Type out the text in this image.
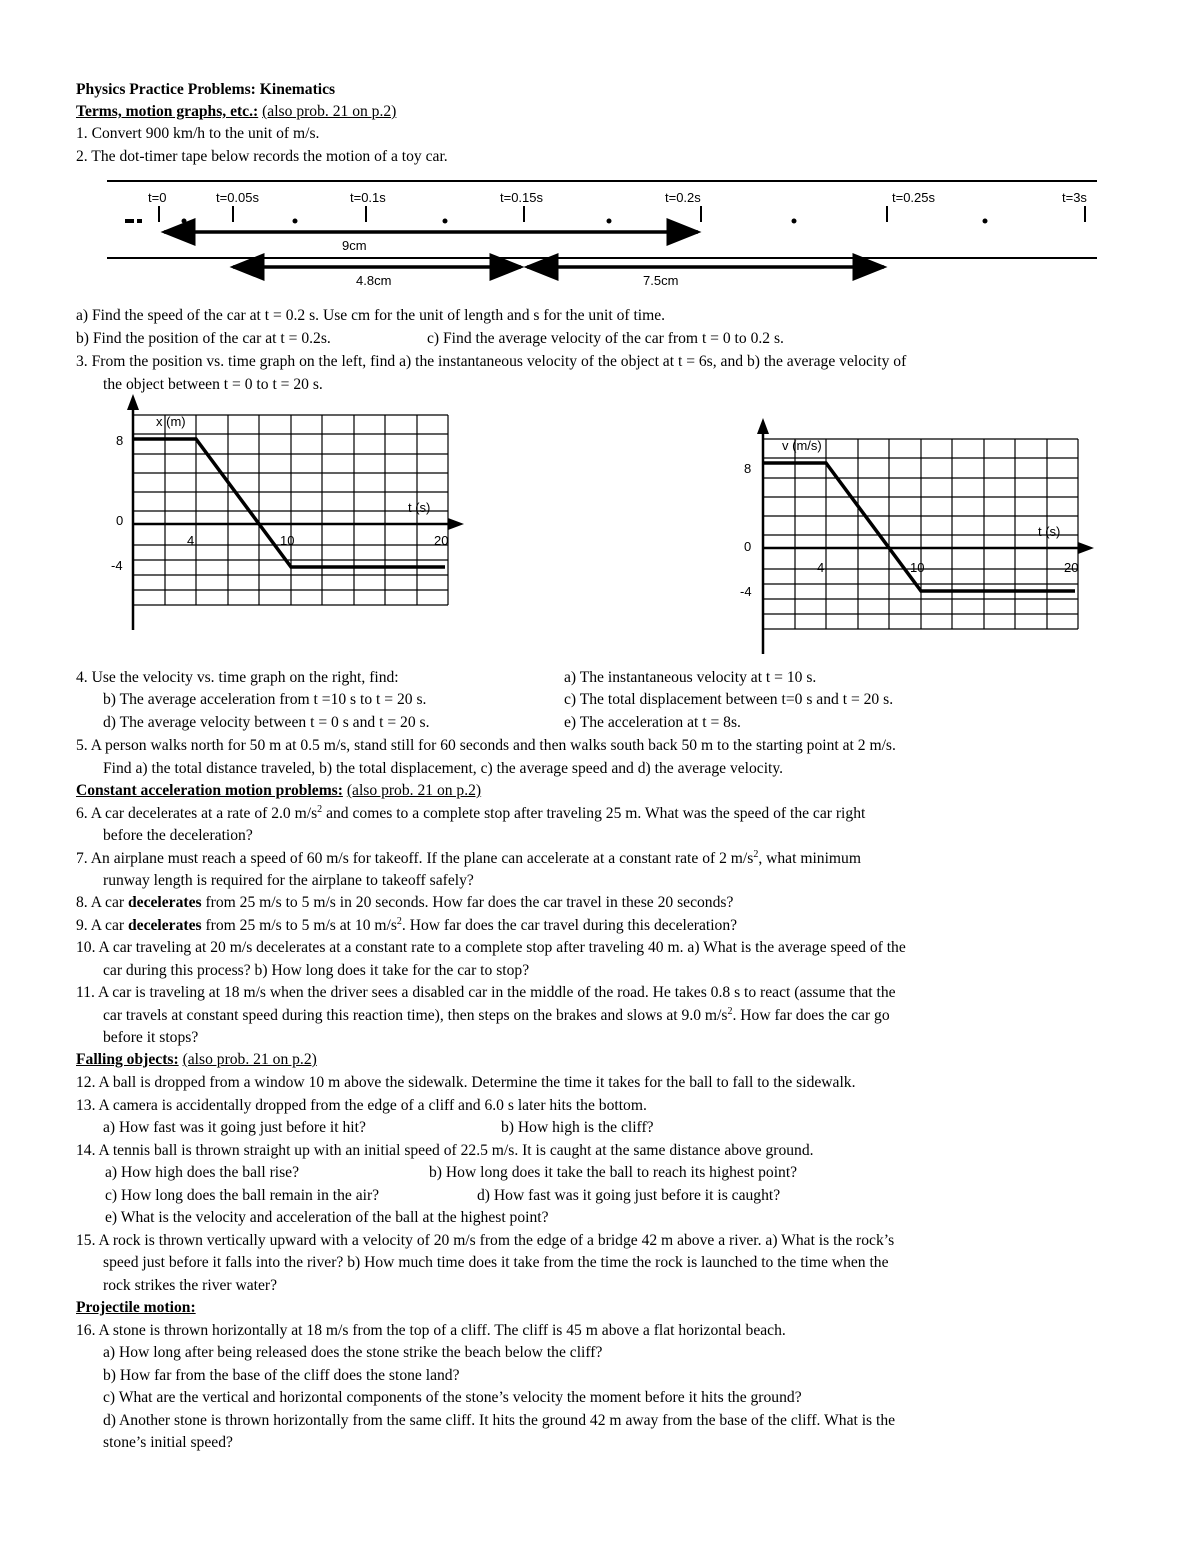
Physics Practice Problems: Kinematics
Terms, motion graphs, etc.: (also prob. 21 on p.2)
1. Convert 900 km/h to the unit of m/s.
2. The dot-timer tape below records the motion of a toy car.
t=0	t=0.05s	t=0.1s	t=0.15s	t=0.2s	t=0.25s	t=3s
9cm
4.8cm	7.5cm
a) Find the speed of the car at t = 0.2 s. Use cm for the unit of length and s for the unit of time.
b) Find the position of the car at t = 0.2s.	c) Find the average velocity of the car from t = 0 to 0.2 s.
3. From the position vs. time graph on the left, find a) the instantaneous velocity of the object at t = 6s, and b) the average velocity of
the object between t = 0 to t = 20 s.
x (m)
t (s)
8
0
-4
4	10	20
v (m/s)
t (s)
8
0
-4
4	10	20
4. Use the velocity vs. time graph on the right, find:	a) The instantaneous velocity at t = 10 s.
b) The average acceleration from t =10 s to t = 20 s.	c) The total displacement between t=0 s and t = 20 s.
d) The average velocity between t = 0 s and t = 20 s.	e) The acceleration at t = 8s.
5. A person walks north for 50 m at 0.5 m/s, stand still for 60 seconds and then walks south back 50 m to the starting point at 2 m/s.
Find a) the total distance traveled, b) the total displacement, c) the average speed and d) the average velocity.
Constant acceleration motion problems: (also prob. 21 on p.2)
6. A car decelerates at a rate of 2.0 $m/s^2$ and comes to a complete stop after traveling 25 m. What was the speed of the car right
before the deceleration?
7. An airplane must reach a speed of 60 m/s for takeoff. If the plane can accelerate at a constant rate of 2 $m/s^2$, what minimum
runway length is required for the airplane to takeoff safely?
8. A car decelerates from 25 m/s to 5 m/s in 20 seconds. How far does the car travel in these 20 seconds?
9. A car decelerates from 25 m/s to 5 m/s at 10 $m/s^2$. How far does the car travel during this deceleration?
10. A car traveling at 20 m/s decelerates at a constant rate to a complete stop after traveling 40 m. a) What is the average speed of the
car during this process? b) How long does it take for the car to stop?
11. A car is traveling at 18 m/s when the driver sees a disabled car in the middle of the road. He takes 0.8 s to react (assume that the
car travels at constant speed during this reaction time), then steps on the brakes and slows at 9.0 $m/s^2$. How far does the car go
before it stops?
Falling objects: (also prob. 21 on p.2)
12. A ball is dropped from a window 10 m above the sidewalk. Determine the time it takes for the ball to fall to the sidewalk.
13. A camera is accidentally dropped from the edge of a cliff and 6.0 s later hits the bottom.
a) How fast was it going just before it hit?	b) How high is the cliff?
14. A tennis ball is thrown straight up with an initial speed of 22.5 m/s. It is caught at the same distance above ground.
a) How high does the ball rise?	b) How long does it take the ball to reach its highest point?
c) How long does the ball remain in the air?	d) How fast was it going just before it is caught?
e) What is the velocity and acceleration of the ball at the highest point?
15. A rock is thrown vertically upward with a velocity of 20 m/s from the edge of a bridge 42 m above a river. a) What is the rock’s
speed just before it falls into the river? b) How much time does it take from the time the rock is launched to the time when the
rock strikes the river water?
Projectile motion:
16. A stone is thrown horizontally at 18 m/s from the top of a cliff. The cliff is 45 m above a flat horizontal beach.
a) How long after being released does the stone strike the beach below the cliff?
b) How far from the base of the cliff does the stone land?
c) What are the vertical and horizontal components of the stone’s velocity the moment before it hits the ground?
d) Another stone is thrown horizontally from the same cliff. It hits the ground 42 m away from the base of the cliff. What is the
stone’s initial speed?
